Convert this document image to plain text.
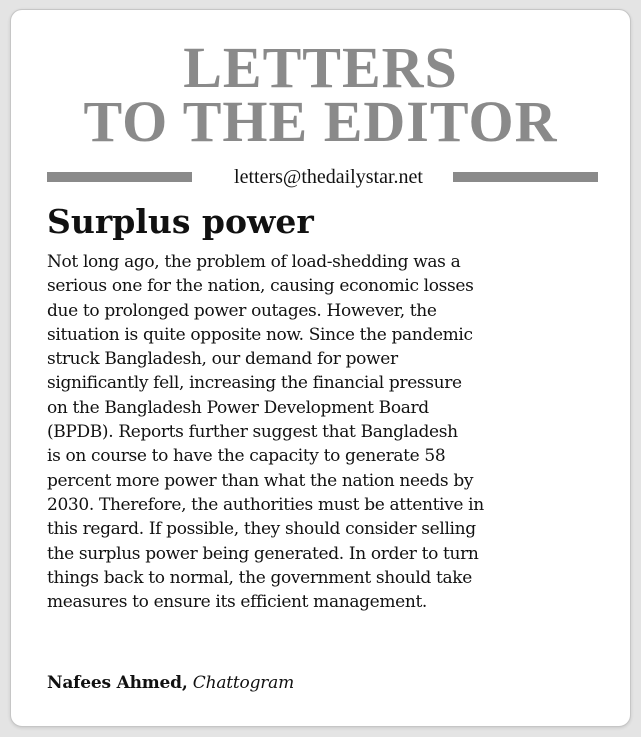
LETTERS
TO THE EDITOR
letters@thedailystar.net
Surplus power
Not long ago, the problem of load-shedding was a
serious one for the nation, causing economic losses
due to prolonged power outages. However, the
situation is quite opposite now. Since the pandemic
struck Bangladesh, our demand for power
significantly fell, increasing the financial pressure
on the Bangladesh Power Development Board
(BPDB). Reports further suggest that Bangladesh
is on course to have the capacity to generate 58
percent more power than what the nation needs by
2030. Therefore, the authorities must be attentive in
this regard. If possible, they should consider selling
the surplus power being generated. In order to turn
things back to normal, the government should take
measures to ensure its efficient management.
Nafees Ahmed, Chattogram
